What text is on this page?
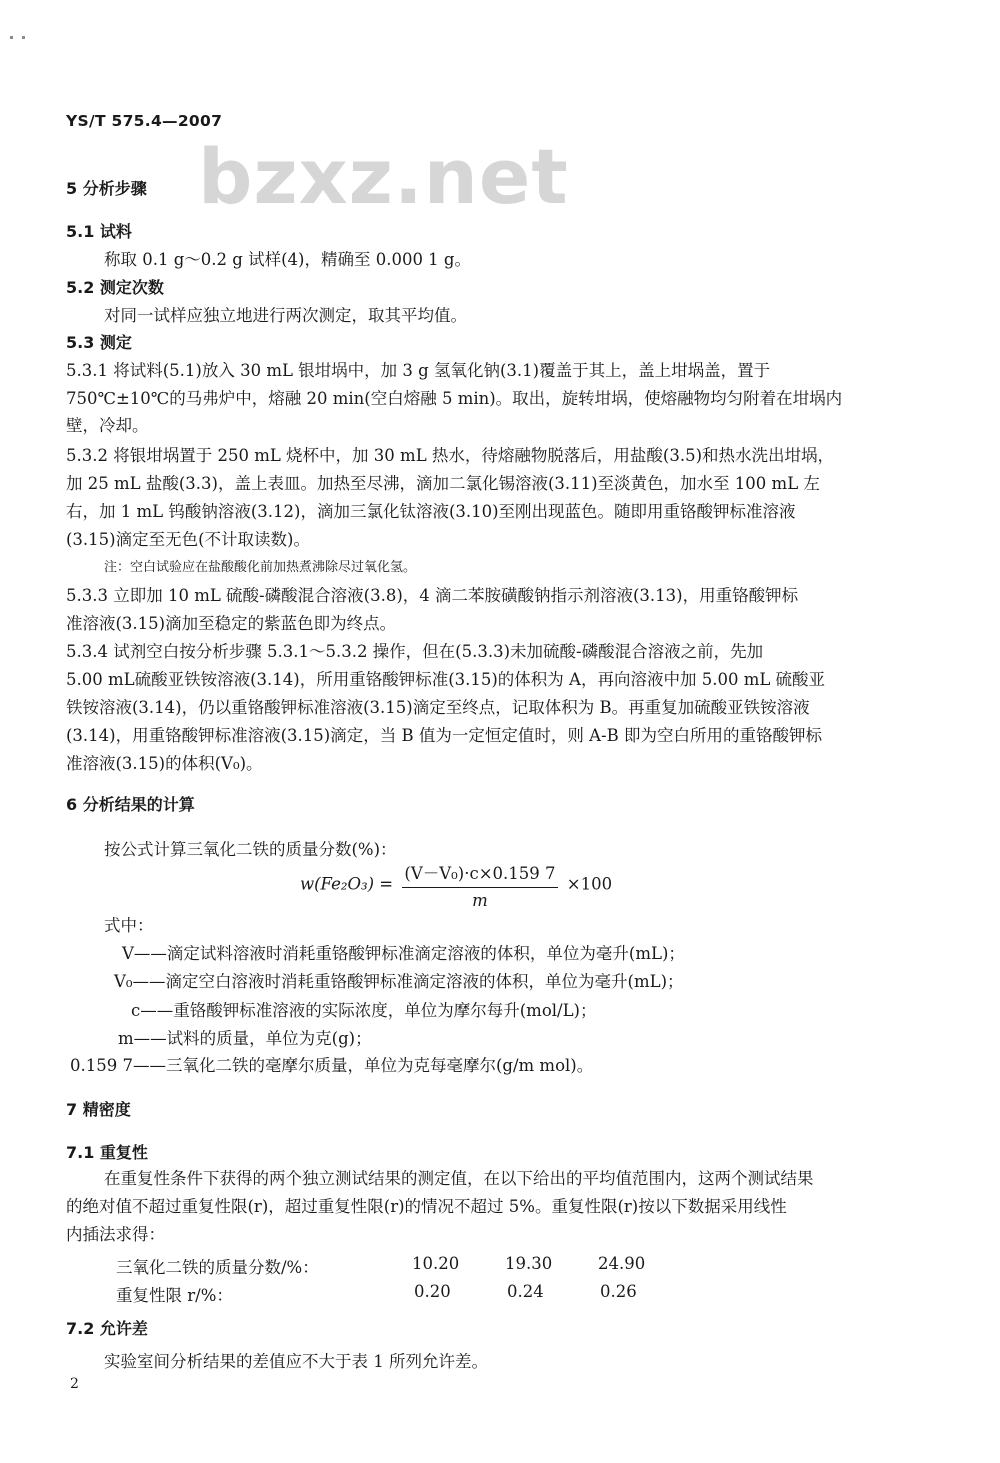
bzxz.net
YS/T 575.4—2007
5 分析步骤
5.1 试料
称取 0.1 g～0.2 g 试样(4)，精确至 0.000 1 g。
5.2 测定次数
对同一试样应独立地进行两次测定，取其平均值。
5.3 测定
5.3.1 将试料(5.1)放入 30 mL 银坩埚中，加 3 g 氢氧化钠(3.1)覆盖于其上，盖上坩埚盖，置于
750℃±10℃的马弗炉中，熔融 20 min(空白熔融 5 min)。取出，旋转坩埚，使熔融物均匀附着在坩埚内
壁，冷却。
5.3.2 将银坩埚置于 250 mL 烧杯中，加 30 mL 热水，待熔融物脱落后，用盐酸(3.5)和热水洗出坩埚，
加 25 mL 盐酸(3.3)，盖上表皿。加热至尽沸，滴加二氯化锡溶液(3.11)至淡黄色，加水至 100 mL 左
右，加 1 mL 钨酸钠溶液(3.12)，滴加三氯化钛溶液(3.10)至刚出现蓝色。随即用重铬酸钾标准溶液
(3.15)滴定至无色(不计取读数)。
注：空白试验应在盐酸酸化前加热煮沸除尽过氧化氢。
5.3.3 立即加 10 mL 硫酸-磷酸混合溶液(3.8)，4 滴二苯胺磺酸钠指示剂溶液(3.13)，用重铬酸钾标
准溶液(3.15)滴加至稳定的紫蓝色即为终点。
5.3.4 试剂空白按分析步骤 5.3.1～5.3.2 操作，但在(5.3.3)未加硫酸-磷酸混合溶液之前，先加
5.00 mL硫酸亚铁铵溶液(3.14)，所用重铬酸钾标准(3.15)的体积为 A，再向溶液中加 5.00 mL 硫酸亚
铁铵溶液(3.14)，仍以重铬酸钾标准溶液(3.15)滴定至终点，记取体积为 B。再重复加硫酸亚铁铵溶液
(3.14)，用重铬酸钾标准溶液(3.15)滴定，当 B 值为一定恒定值时，则 A-B 即为空白所用的重铬酸钾标
准溶液(3.15)的体积(V₀)。
6 分析结果的计算
按公式计算三氧化二铁的质量分数(%)：
$w(Fe_2O_3) = \frac{\text{(V－V₀)·c×0.159 7}}{m} \times 100$
式中：
V——滴定试料溶液时消耗重铬酸钾标准滴定溶液的体积，单位为毫升(mL)；
V₀——滴定空白溶液时消耗重铬酸钾标准滴定溶液的体积，单位为毫升(mL)；
c——重铬酸钾标准溶液的实际浓度，单位为摩尔每升(mol/L)；
m——试料的质量，单位为克(g)；
0.159 7——三氧化二铁的毫摩尔质量，单位为克每毫摩尔(g/m mol)。
7 精密度
7.1 重复性
在重复性条件下获得的两个独立测试结果的测定值，在以下给出的平均值范围内，这两个测试结果
的绝对值不超过重复性限(r)，超过重复性限(r)的情况不超过 5%。重复性限(r)按以下数据采用线性
内插法求得：
三氧化二铁的质量分数/%：	10.20	19.30	24.90
重复性限 r/%：	0.20	0.24	0.26
7.2 允许差
实验室间分析结果的差值应不大于表 1 所列允许差。
2
